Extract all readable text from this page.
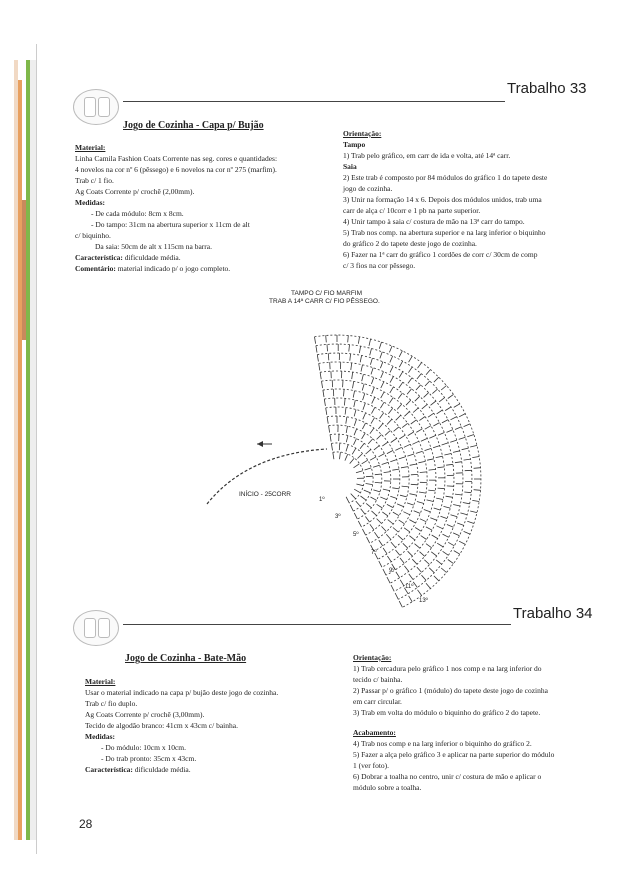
Trabalho 33
Jogo de Cozinha - Capa p/ Bujão
Material:
Linha Camila Fashion Coats Corrente nas seg. cores e quantidades:
4 novelos na cor nº 6 (pêssego) e 6 novelos na cor nº 275 (marfim).
Trab c/ 1 fio.
Ag Coats Corrente p/ crochê (2,00mm).
Medidas:
- De cada módulo: 8cm x 8cm.
- Do tampo: 31cm na abertura superior x 11cm de alt
c/ biquinho.
Da saia: 50cm de alt x 115cm na barra.
Característica: dificuldade média.
Comentário: material indicado p/ o jogo completo.
Orientação:
Tampo
1) Trab pelo gráfico, em carr de ida e volta, até 14ª carr.
Saia
2) Este trab é composto por 84 módulos do gráfico 1 do tapete deste
jogo de cozinha.
3) Unir na formação 14 x 6. Depois dos módulos unidos, trab uma
carr de alça c/ 10corr e 1 pb na parte superior.
4) Unir tampo à saia c/ costura de mão na 13ª carr do tampo.
5) Trab nos comp. na abertura superior e na larg inferior o biquinho
do gráfico 2 do tapete deste jogo de cozinha.
6) Fazer na 1ª carr do gráfico 1 cordões de corr c/ 30cm de comp
c/ 3 fios na cor pêssego.
TAMPO C/ FIO MARFIM
TRAB A 14ª CARR C/ FIO PÊSSEGO.
INÍCIO - 25CORR
1º
3º
5º
7º
9º
11º
13º
Trabalho 34
Jogo de Cozinha - Bate-Mão
Material:
Usar o material indicado na capa p/ bujão deste jogo de cozinha.
Trab c/ fio duplo.
Ag Coats Corrente p/ crochê (3,00mm).
Tecido de algodão branco: 41cm x 43cm c/ bainha.
Medidas:
- Do módulo: 10cm x 10cm.
- Do trab pronto: 35cm x 43cm.
Característica: dificuldade média.
Orientação:
1) Trab cercadura pelo gráfico 1 nos comp e na larg inferior do
tecido c/ bainha.
2) Passar p/ o gráfico 1 (módulo) do tapete deste jogo de cozinha
em carr circular.
3) Trab em volta do módulo o biquinho do gráfico 2 do tapete.
Acabamento:
4) Trab nos comp e na larg inferior o biquinho do gráfico 2.
5) Fazer a alça pelo gráfico 3 e aplicar na parte superior do módulo
1 (ver foto).
6) Dobrar a toalha no centro, unir c/ costura de mão e aplicar o
módulo sobre a toalha.
28
